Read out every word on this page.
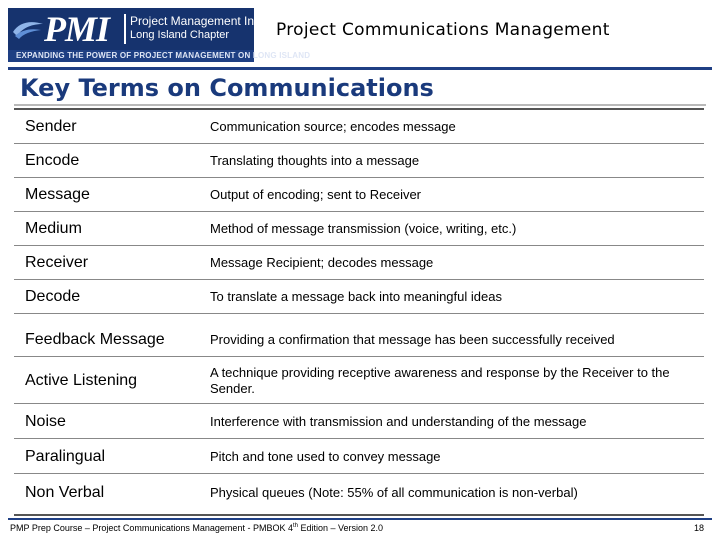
PMI Project Management Institute
Long Island Chapter
EXPANDING THE POWER OF PROJECT MANAGEMENT ON LONG ISLAND
Project Communications Management
Key Terms on Communications
Sender	Communication source; encodes message
Encode	Translating thoughts into a message
Message	Output of encoding; sent to Receiver
Medium	Method of message transmission (voice, writing, etc.)
Receiver	Message Recipient; decodes message
Decode	To translate a message back into meaningful ideas
Feedback Message	Providing a confirmation that message has been successfully received
Active Listening	A technique providing receptive awareness and response by the Receiver to the Sender.
Noise	Interference with transmission and understanding of the message
Paralingual	Pitch and tone used to convey message
Non Verbal	Physical queues (Note: 55% of all communication is non-verbal)
PMP Prep Course – Project Communications Management - PMBOK 4th Edition – Version 2.0	18
